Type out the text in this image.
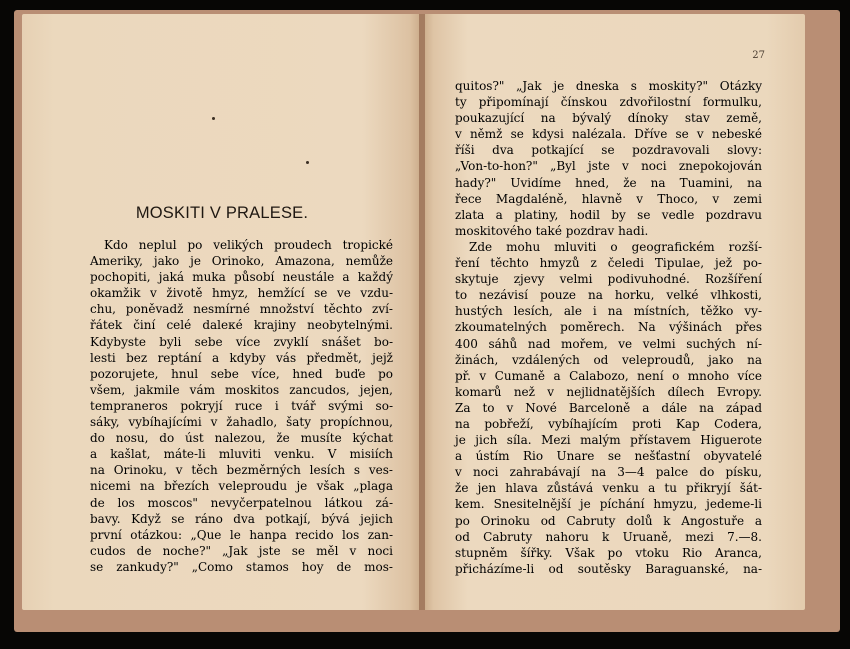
MOSKITI V PRALESE.
27
Kdo neplul po velikých proudech tropické
Ameriky, jako je Orinoko, Amazona, nemůže
pochopiti, jaká muka působí neustále a každý
okamžik v životě hmyz, hemžící se ve vzdu-
chu, poněvadž nesmírné množství těchto zví-
řátek činí celé daleкé krajiny neobytelnými.
Kdybyste byli sebe více zvyklí snášet bo-
lesti bez reptání a kdyby vás předmět, jejž
pozorujete, hnul sebe více, hned buďe po
všem, jakmile vám moskitos zancudos, jejen,
tempraneros pokryjí ruce i tvář svými so-
sáky, vybíhajícími v žahadlo, šaty propíchnou,
do nosu, do úst nalezou, že musíte kýchat
a kašlat, máte-li mluviti venku. V misiích
na Orinoku, v těch bezměrných lesích s ves-
nicemi na březích veleproudu je však „plaga
de los moscos" nevyčerpatelnou látkou zá-
bavy. Když se ráno dva potkají, bývá jejich
první otázkou: „Que le hanpa recido los zan-
cudos de noche?" „Jak jste se měl v noci
se zankudy?" „Como stamos hoy de mos-
quitos?" „Jak je dneska s moskity?" Otázky
ty připomínají čínskou zdvořilostní formulku,
poukazující na bývalý dínoky stav země,
v němž se kdysi nalézala. Dříve se v nebeské
říši dva potkající se pozdravovali slovy:
„Von-to-hon?" „Byl jste v noci znepokojován
hady?" Uvidíme hned, že na Tuamini, na
řece Magdaléně, hlavně v Thoco, v zemi
zlata a platiny, hodil by se vedle pozdravu
moskitového také pozdrav hadi.
Zde mohu mluviti o geografickém rozší-
ření těchto hmyzů z čeledi Tipulae, jež po-
skytuje zjevy velmi podivuhodné. Rozšíření
to nezávisí pouze na horku, velké vlhkosti,
hustých lesích, ale i na místních, těžko vy-
zkoumatelných poměrech. Na výšinách přes
400 sáhů nad mořem, ve velmi suchých ní-
žinách, vzdálených od veleproudů, jako na
př. v Cumaně a Calabozo, není o mnoho více
komarů než v nejlidnatějších dílech Evropy.
Za to v Nové Barceloně a dále na západ
na pobřeží, vybíhajícím proti Kap Codera,
je jich síla. Mezi malým přístavem Higuerote
a ústím Rio Unare se nešťastní obyvatelé
v noci zahrabávají na 3—4 palce do písku,
že jen hlava zůstává venku a tu přikryjí šát-
kem. Snesitelnější je píchání hmyzu, jedeme-li
po Orinoku od Cabruty dolů k Angostuře a
od Cabruty nahoru k Uruaně, mezi 7.—8.
stupněm šířky. Však po vtoku Rio Aranca,
přicházíme-li od soutěsky Baraguanské, na-
